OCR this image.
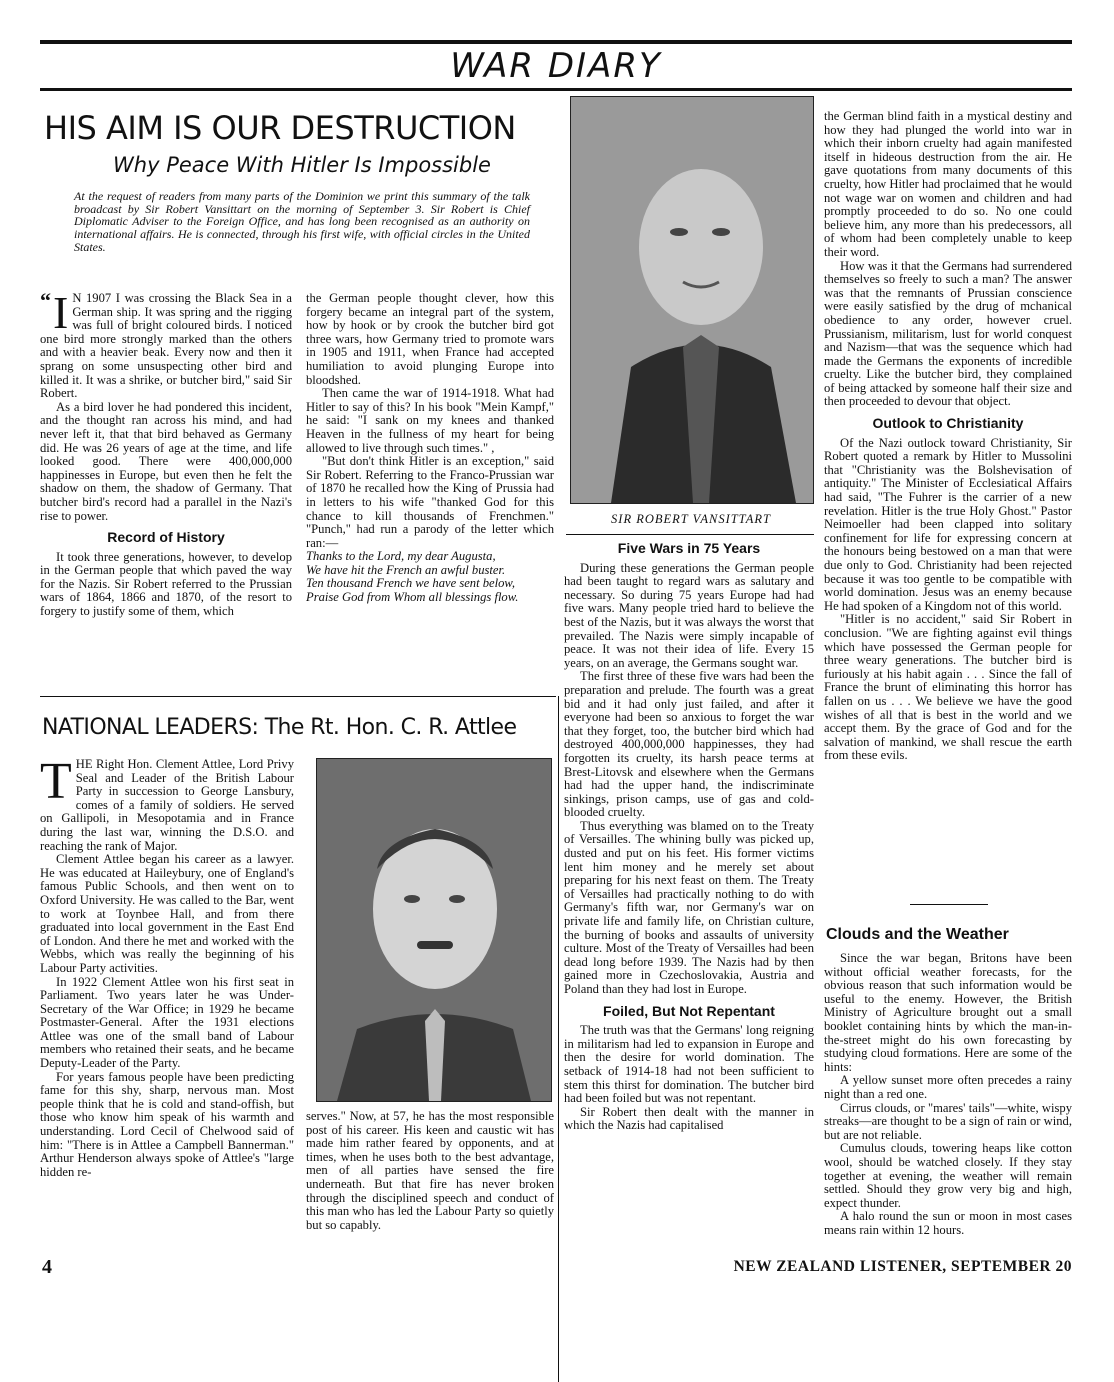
WAR DIARY
HIS AIM IS OUR DESTRUCTION
Why Peace With Hitler Is Impossible
At the request of readers from many parts of the Dominion we print this summary of the talk broadcast by Sir Robert Vansittart on the morning of September 3. Sir Robert is Chief Diplomatic Adviser to the Foreign Office, and has long been recognised as an authority on international affairs. He is connected, through his first wife, with official circles in the United States.

“ I N 1907 I was crossing the Black Sea in a German ship. It was spring and the rigging was full of bright coloured birds. I noticed one bird more strongly marked than the others and with a heavier beak. Every now and then it sprang on some unsuspecting other bird and killed it. It was a shrike, or butcher bird," said Sir Robert.

As a bird lover he had pondered this incident, and the thought ran across his mind, and had never left it, that that bird behaved as Germany did. He was 26 years of age at the time, and life looked good. There were 400,000,000 happinesses in Europe, but even then he felt the shadow on them, the shadow of Germany. That butcher bird's record had a parallel in the Nazi's rise to power.

Record of History

It took three generations, however, to develop in the German people that which paved the way for the Nazis. Sir Robert referred to the Prussian wars of 1864, 1866 and 1870, of the resort to forgery to justify some of them, which

the German people thought clever, how this forgery became an integral part of the system, how by hook or by crook the butcher bird got three wars, how Germany tried to promote wars in 1905 and 1911, when France had accepted humiliation to avoid plunging Europe into bloodshed.

Then came the war of 1914-1918. What had Hitler to say of this? In his book "Mein Kampf," he said: "I sank on my knees and thanked Heaven in the fullness of my heart for being allowed to live through such times." ,

"But don't think Hitler is an exception," said Sir Robert. Referring to the Franco-Prussian war of 1870 he recalled how the King of Prussia had in letters to his wife "thanked God for this chance to kill thousands of Frenchmen." "Punch," had run a parody of the letter which ran:—

Thanks to the Lord, my dear Augusta,
We have hit the French an awful buster.
Ten thousand French we have sent below,
Praise God from Whom all blessings flow.
SIR ROBERT VANSITTART
Five Wars in 75 Years

During these generations the German people had been taught to regard wars as salutary and necessary. So during 75 years Europe had had five wars. Many people tried hard to believe the best of the Nazis, but it was always the worst that prevailed. The Nazis were simply incapable of peace. It was not their idea of life. Every 15 years, on an average, the Germans sought war.

The first three of these five wars had been the preparation and prelude. The fourth was a great bid and it had only just failed, and after it everyone had been so anxious to forget the war that they forget, too, the butcher bird which had destroyed 400,000,000 happinesses, they had forgotten its cruelty, its harsh peace terms at Brest-Litovsk and elsewhere when the Germans had had the upper hand, the indiscriminate sinkings, prison camps, use of gas and cold-blooded cruelty.

Thus everything was blamed on to the Treaty of Versailles. The whining bully was picked up, dusted and put on his feet. His former victims lent him money and he merely set about preparing for his next feast on them. The Treaty of Versailles had practically nothing to do with Germany's fifth war, nor Germany's war on private life and family life, on Christian culture, the burning of books and assaults of university culture. Most of the Treaty of Versailles had been dead long before 1939. The Nazis had by then gained more in Czechoslovakia, Austria and Poland than they had lost in Europe.

Foiled, But Not Repentant

The truth was that the Germans' long reigning in militarism had led to expansion in Europe and then the desire for world domination. The setback of 1914-18 had not been sufficient to stem this thirst for domination. The butcher bird had been foiled but was not repentant.

Sir Robert then dealt with the manner in which the Nazis had capitalised

the German blind faith in a mystical destiny and how they had plunged the world into war in which their inborn cruelty had again manifested itself in hideous destruction from the air. He gave quotations from many documents of this cruelty, how Hitler had proclaimed that he would not wage war on women and children and had promptly proceeded to do so. No one could believe him, any more than his predecessors, all of whom had been completely unable to keep their word.

How was it that the Germans had surrendered themselves so freely to such a man? The answer was that the remnants of Prussian conscience were easily satisfied by the drug of mchanical obedience to any order, however cruel. Prussianism, militarism, lust for world conquest and Nazism—that was the sequence which had made the Germans the exponents of incredible cruelty. Like the butcher bird, they complained of being attacked by someone half their size and then proceeded to devour that object.

Outlook to Christianity

Of the Nazi outlock toward Christianity, Sir Robert quoted a remark by Hitler to Mussolini that "Christianity was the Bolshevisation of antiquity." The Minister of Ecclesiatical Affairs had said, "The Fuhrer is the carrier of a new revelation. Hitler is the true Holy Ghost." Pastor Neimoeller had been clapped into solitary confinement for life for expressing concern at the honours being bestowed on a man that were due only to God. Christianity had been rejected because it was too gentle to be compatible with world domination. Jesus was an enemy because He had spoken of a Kingdom not of this world.

"Hitler is no accident," said Sir Robert in conclusion. "We are fighting against evil things which have possessed the German people for three weary generations. The butcher bird is furiously at his habit again . . . Since the fall of France the brunt of eliminating this horror has fallen on us . . . We believe we have the good wishes of all that is best in the world and we accept them. By the grace of God and for the salvation of mankind, we shall rescue the earth from these evils.

Clouds and the Weather

Since the war began, Britons have been without official weather forecasts, for the obvious reason that such information would be useful to the enemy. However, the British Ministry of Agriculture brought out a small booklet containing hints by which the man-in-the-street might do his own forecasting by studying cloud formations. Here are some of the hints:

A yellow sunset more often precedes a rainy night than a red one.

Cirrus clouds, or "mares' tails"—white, wispy streaks—are thought to be a sign of rain or wind, but are not reliable.

Cumulus clouds, towering heaps like cotton wool, should be watched closely. If they stay together at evening, the weather will remain settled. Should they grow very big and high, expect thunder.

A halo round the sun or moon in most cases means rain within 12 hours.

NATIONAL LEADERS: The Rt. Hon. C. R. Attlee

THE Right Hon. Clement Attlee, Lord Privy Seal and Leader of the British Labour Party in succession to George Lansbury, comes of a family of soldiers. He served on Gallipoli, in Mesopotamia and in France during the last war, winning the D.S.O. and reaching the rank of Major.

Clement Attlee began his career as a lawyer. He was educated at Haileybury, one of England's famous Public Schools, and then went on to Oxford University. He was called to the Bar, went to work at Toynbee Hall, and from there graduated into local government in the East End of London. And there he met and worked with the Webbs, which was really the beginning of his Labour Party activities.

In 1922 Clement Attlee won his first seat in Parliament. Two years later he was Under-Secretary of the War Office; in 1929 he became Postmaster-General. After the 1931 elections Attlee was one of the small band of Labour members who retained their seats, and he became Deputy-Leader of the Party.

For years famous people have been predicting fame for this shy, sharp, nervous man. Most people think that he is cold and stand-offish, but those who know him speak of his warmth and understanding. Lord Cecil of Chelwood said of him: "There is in Attlee a Campbell Bannerman." Arthur Henderson always spoke of Attlee's "large hidden re-

serves." Now, at 57, he has the most responsible post of his career. His keen and caustic wit has made him rather feared by opponents, and at times, when he uses both to the best advantage, men of all parties have sensed the fire underneath. But that fire has never broken through the disciplined speech and conduct of this man who has led the Labour Party so quietly but so capably.

4	NEW ZEALAND LISTENER, SEPTEMBER 20
